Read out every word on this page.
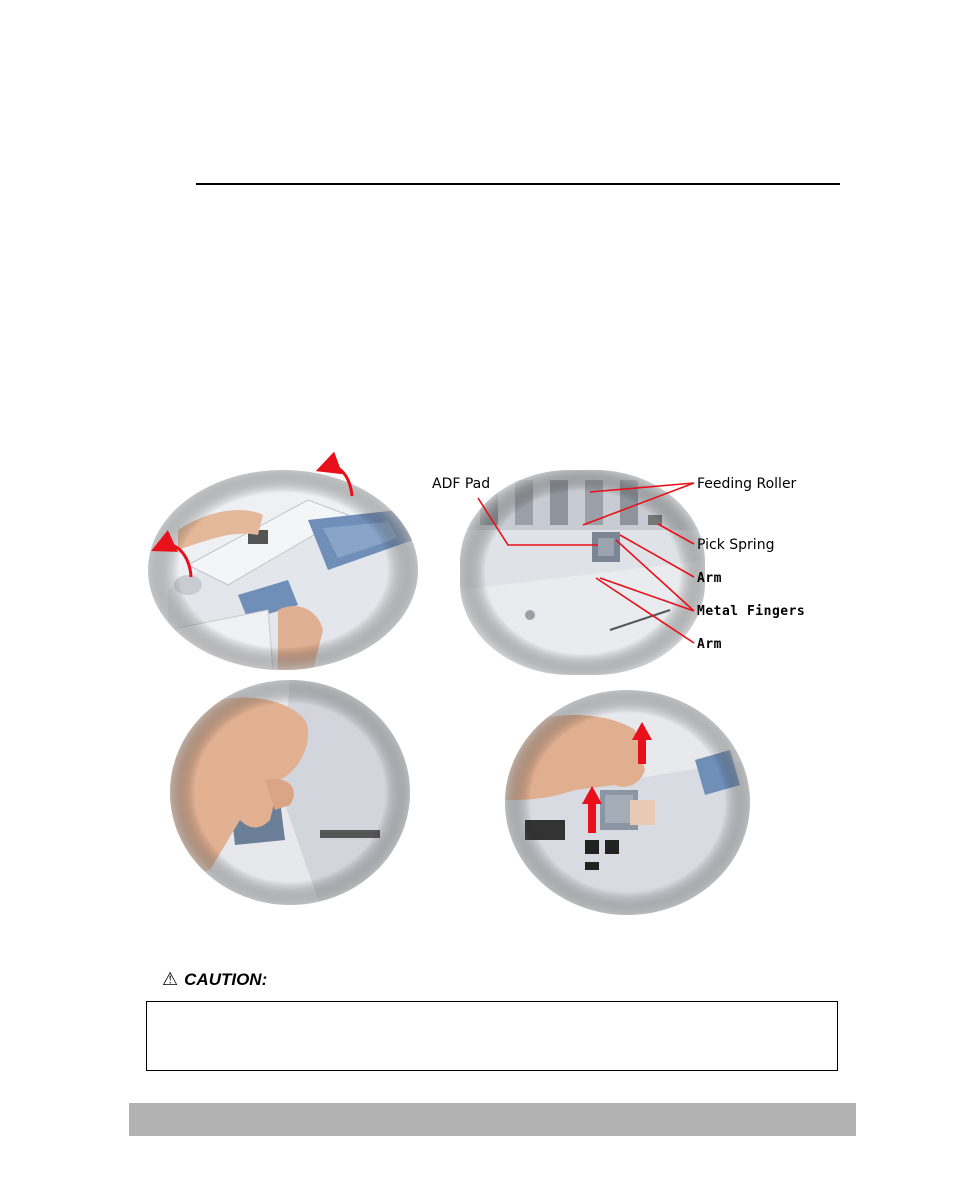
ADF Pad	Feeding Roller
Pick Spring
Arm
Metal Fingers
Arm
⚠ CAUTION:
